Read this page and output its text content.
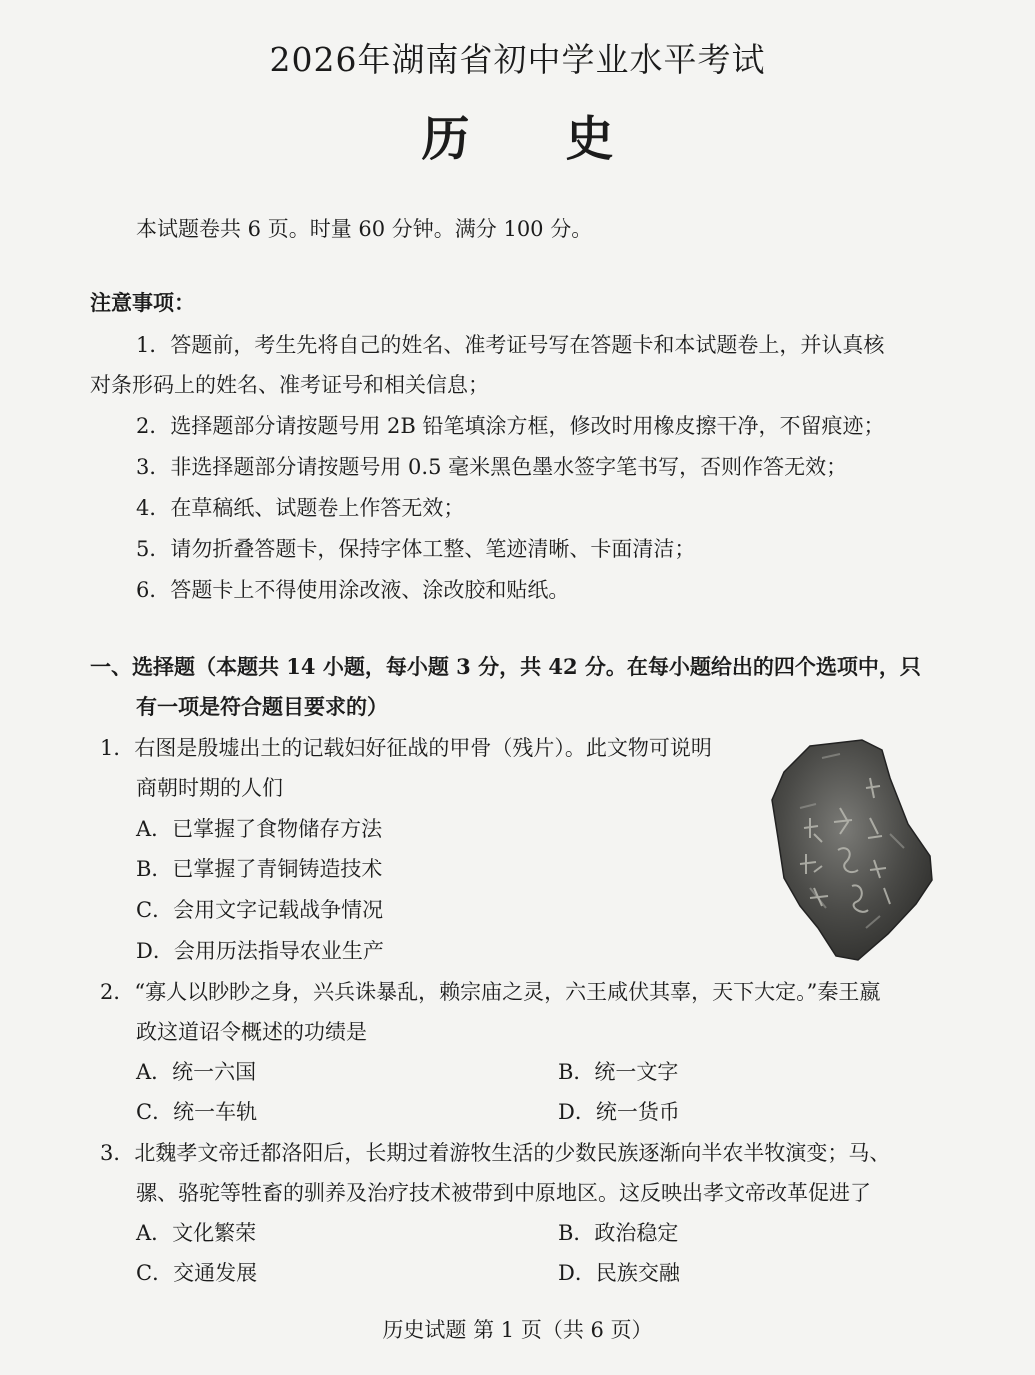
2026年湖南省初中学业水平考试
历史
本试题卷共 6 页。时量 60 分钟。满分 100 分。
注意事项：
1．答题前，考生先将自己的姓名、准考证号写在答题卡和本试题卷上，并认真核
对条形码上的姓名、准考证号和相关信息；
2．选择题部分请按题号用 2B 铅笔填涂方框，修改时用橡皮擦干净，不留痕迹；
3．非选择题部分请按题号用 0.5 毫米黑色墨水签字笔书写，否则作答无效；
4．在草稿纸、试题卷上作答无效；
5．请勿折叠答题卡，保持字体工整、笔迹清晰、卡面清洁；
6．答题卡上不得使用涂改液、涂改胶和贴纸。
一、选择题（本题共 14 小题，每小题 3 分，共 42 分。在每小题给出的四个选项中，只
有一项是符合题目要求的）
1．右图是殷墟出土的记载妇好征战的甲骨（残片）。此文物可说明
商朝时期的人们
A．已掌握了食物储存方法
B．已掌握了青铜铸造技术
C．会用文字记载战争情况
D．会用历法指导农业生产
2．“寡人以眇眇之身，兴兵诛暴乱，赖宗庙之灵，六王咸伏其辜，天下大定。”秦王嬴
政这道诏令概述的功绩是
A．统一六国	B．统一文字
C．统一车轨	D．统一货币
3．北魏孝文帝迁都洛阳后，长期过着游牧生活的少数民族逐渐向半农半牧演变；马、
骡、骆驼等牲畜的驯养及治疗技术被带到中原地区。这反映出孝文帝改革促进了
A．文化繁荣	B．政治稳定
C．交通发展	D．民族交融
历史试题 第 1 页（共 6 页）
